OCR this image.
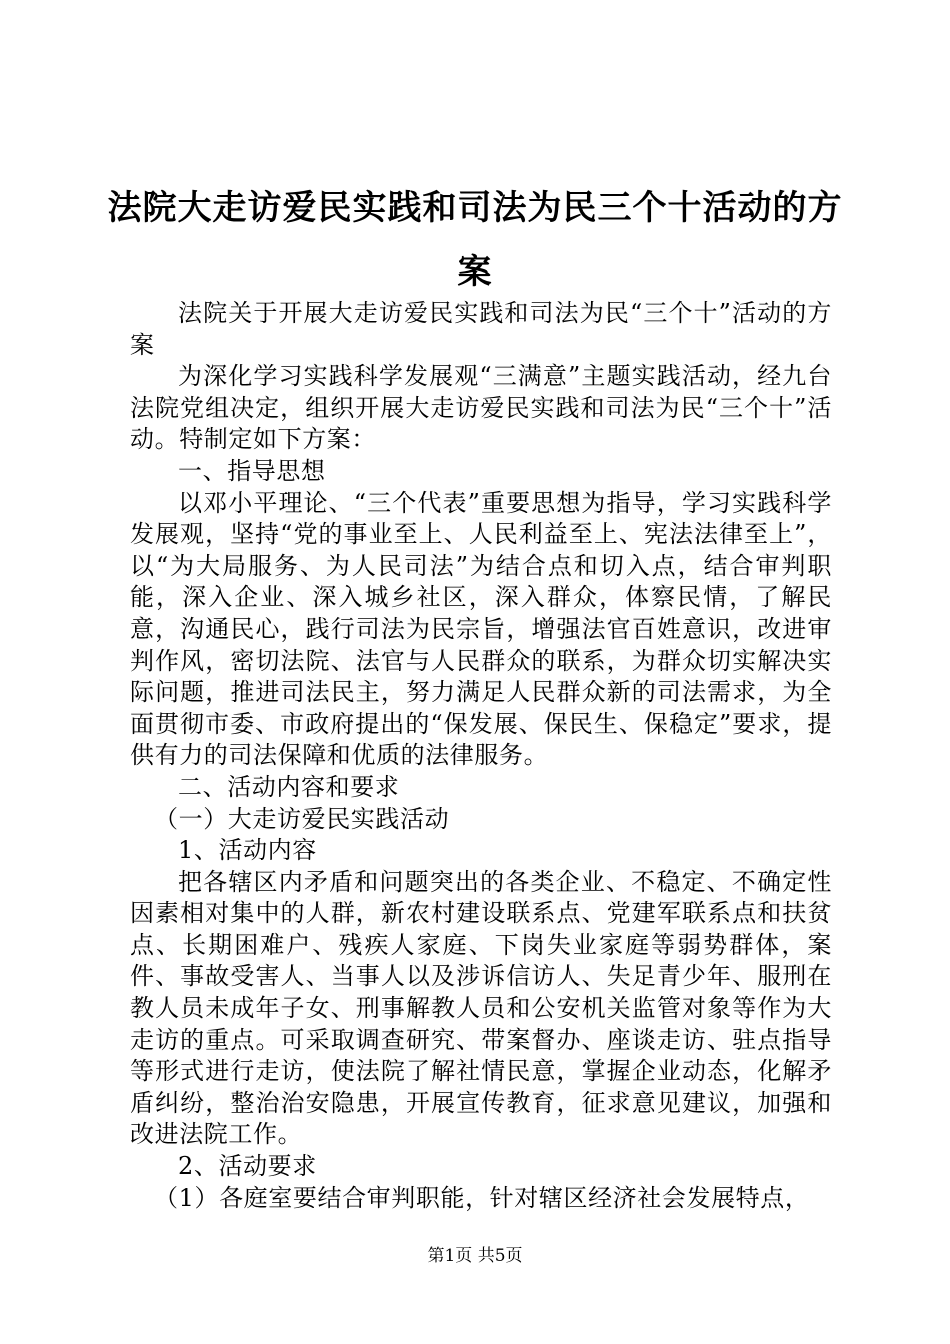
法院大走访爱民实践和司法为民三个十活动的方案

法院关于开展大走访爱民实践和司法为民“三个十”活动的方案

为深化学习实践科学发展观“三满意”主题实践活动，经九台法院党组决定，组织开展大走访爱民实践和司法为民“三个十”活动。特制定如下方案：

一、指导思想

以邓小平理论、“三个代表”重要思想为指导，学习实践科学发展观，坚持“党的事业至上、人民利益至上、宪法法律至上”，以“为大局服务、为人民司法”为结合点和切入点，结合审判职能，深入企业、深入城乡社区，深入群众，体察民情，了解民意，沟通民心，践行司法为民宗旨，增强法官百姓意识，改进审判作风，密切法院、法官与人民群众的联系，为群众切实解决实际问题，推进司法民主，努力满足人民群众新的司法需求，为全面贯彻市委、市政府提出的“保发展、保民生、保稳定”要求，提供有力的司法保障和优质的法律服务。

二、活动内容和要求

（一）大走访爱民实践活动

1、活动内容

把各辖区内矛盾和问题突出的各类企业、不稳定、不确定性因素相对集中的人群，新农村建设联系点、党建军联系点和扶贫点、长期困难户、残疾人家庭、下岗失业家庭等弱势群体，案件、事故受害人、当事人以及涉诉信访人、失足青少年、服刑在教人员未成年子女、刑事解教人员和公安机关监管对象等作为大走访的重点。可采取调查研究、带案督办、座谈走访、驻点指导等形式进行走访，使法院了解社情民意，掌握企业动态，化解矛盾纠纷，整治治安隐患，开展宣传教育，征求意见建议，加强和改进法院工作。

2、活动要求

（1）各庭室要结合审判职能，针对辖区经济社会发展特点，

第1页 共5页
